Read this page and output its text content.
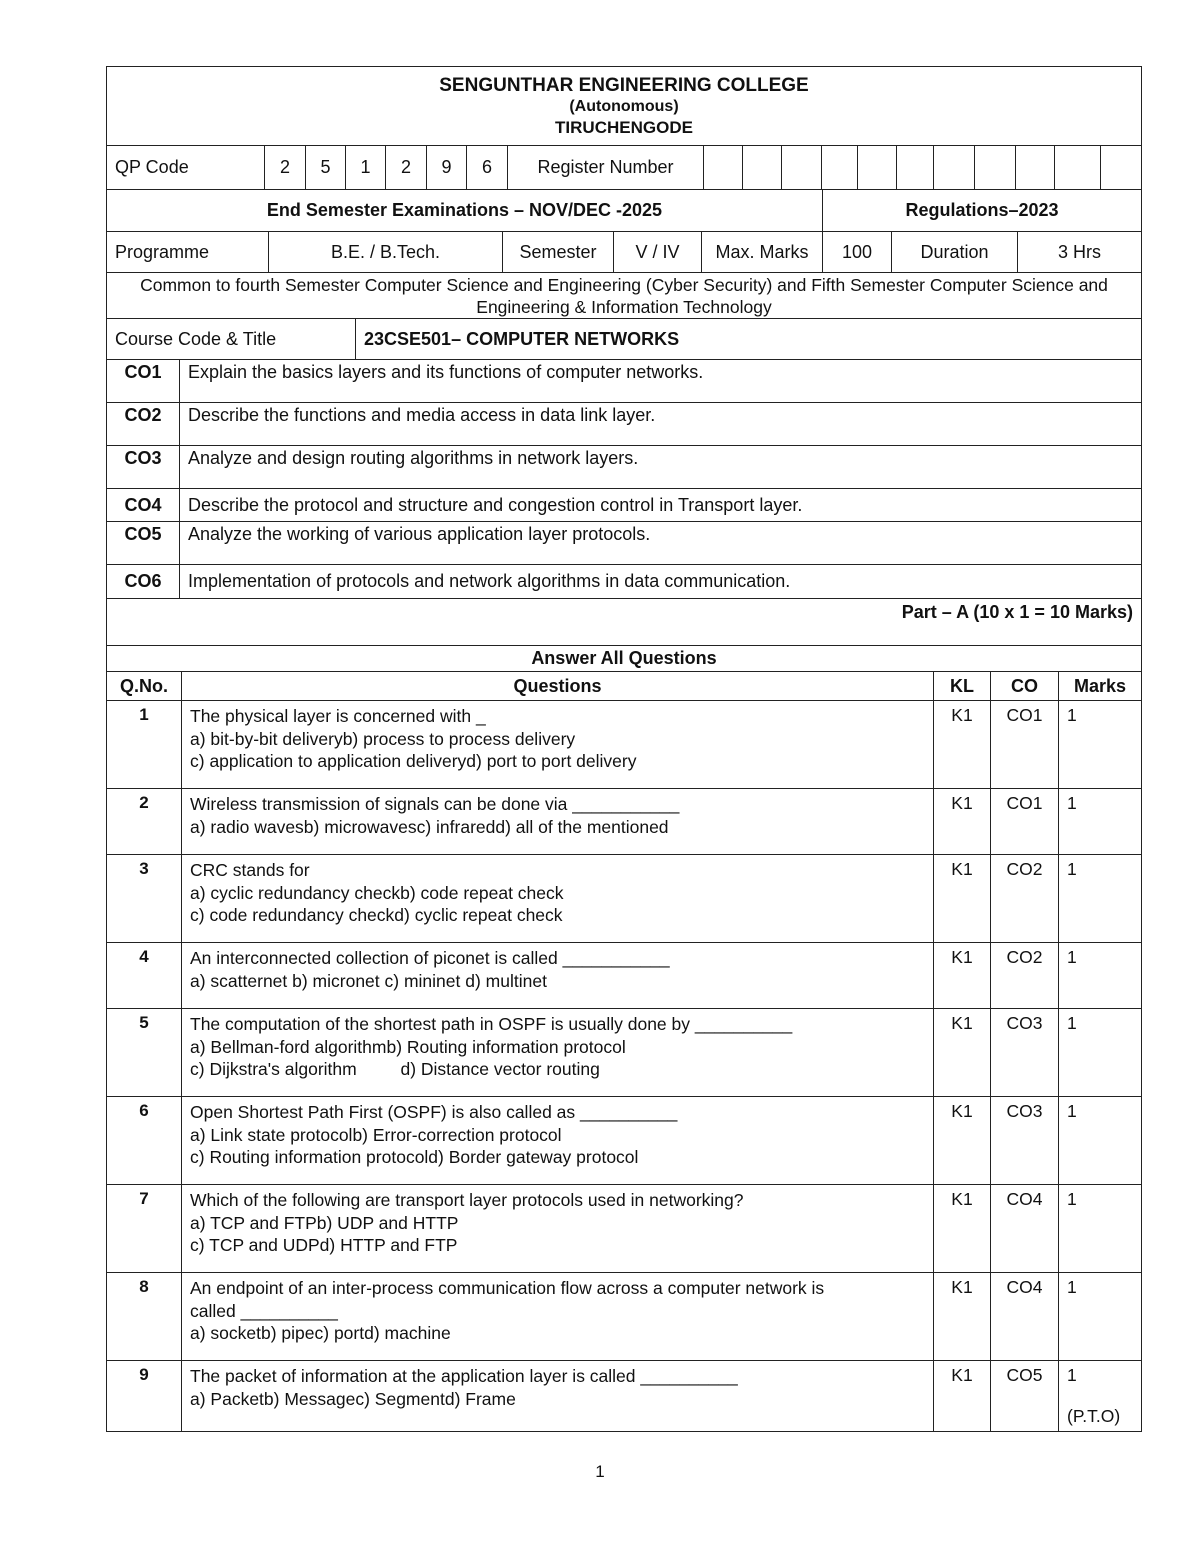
SENGUNTHAR ENGINEERING COLLEGE
(Autonomous)
TIRUCHENGODE
QP Code	2	5	1	2	9	6	Register Number
End Semester Examinations – NOV/DEC -2025	Regulations–2023
Programme	B.E. / B.Tech.	Semester	V / IV	Max. Marks	100	Duration	3 Hrs
Common to fourth Semester Computer Science and Engineering (Cyber Security) and Fifth Semester Computer Science and Engineering & Information Technology
Course Code & Title	23CSE501– COMPUTER NETWORKS
CO1	Explain the basics layers and its functions of computer networks.
CO2	Describe the functions and media access in data link layer.
CO3	Analyze and design routing algorithms in network layers.
CO4	Describe the protocol and structure and congestion control in Transport layer.
CO5	Analyze the working of various application layer protocols.
CO6	Implementation of protocols and network algorithms in data communication.
Part – A (10 x 1 = 10 Marks)
Answer All Questions
Q.No.	Questions	KL	CO	Marks
1	The physical layer is concerned with _
a) bit-by-bit deliveryb) process to process delivery
c) application to application deliveryd) port to port delivery
K1	CO1	1
2	Wireless transmission of signals can be done via ___________
a) radio wavesb) microwavesc) infraredd) all of the mentioned
K1	CO1	1
3	CRC stands for
a) cyclic redundancy checkb) code repeat check
c) code redundancy checkd) cyclic repeat check
K1	CO2	1
4	An interconnected collection of piconet is called ___________
a) scatternet b) micronet c) mininet d) multinet
K1	CO2	1
5	The computation of the shortest path in OSPF is usually done by __________
a) Bellman-ford algorithmb) Routing information protocol
c) Dijkstra's algorithm         d) Distance vector routing
K1	CO3	1
6	Open Shortest Path First (OSPF) is also called as __________
a) Link state protocolb) Error-correction protocol
c) Routing information protocold) Border gateway protocol
K1	CO3	1
7	Which of the following are transport layer protocols used in networking?
a) TCP and FTPb) UDP and HTTP
c) TCP and UDPd) HTTP and FTP
K1	CO4	1
8	An endpoint of an inter-process communication flow across a computer network is
called __________
a) socketb) pipec) portd) machine
K1	CO4	1
9	The packet of information at the application layer is called __________
a) Packetb) Messagec) Segmentd) Frame
K1	CO5	1
(P.T.O)
1
